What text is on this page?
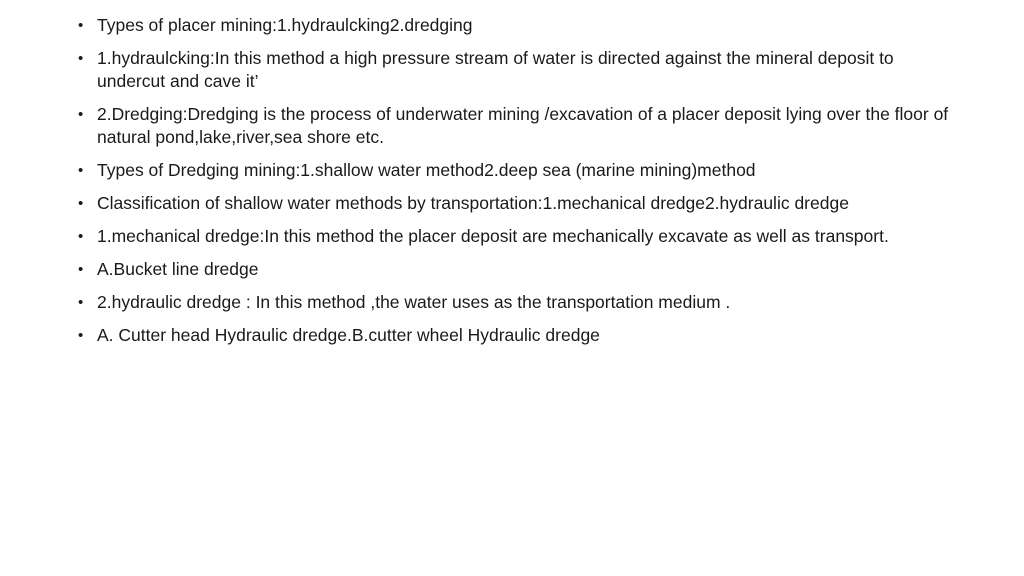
• Types of placer mining:1.hydraulcking2.dredging
• 1.hydraulcking:In this method a high pressure stream of water is directed against the mineral deposit to undercut and cave it’
• 2.Dredging:Dredging is the process of underwater mining /excavation of a placer deposit lying over the floor of natural pond,lake,river,sea shore etc.
• Types of Dredging mining:1.shallow water method2.deep sea (marine mining)method
• Classification of shallow water methods by transportation:1.mechanical dredge2.hydraulic dredge
• 1.mechanical dredge:In this method the placer deposit are mechanically excavate as well as transport.
• A.Bucket line dredge
• 2.hydraulic dredge : In this method ,the water uses as the transportation medium .
• A. Cutter head Hydraulic dredge.B.cutter wheel Hydraulic dredge
